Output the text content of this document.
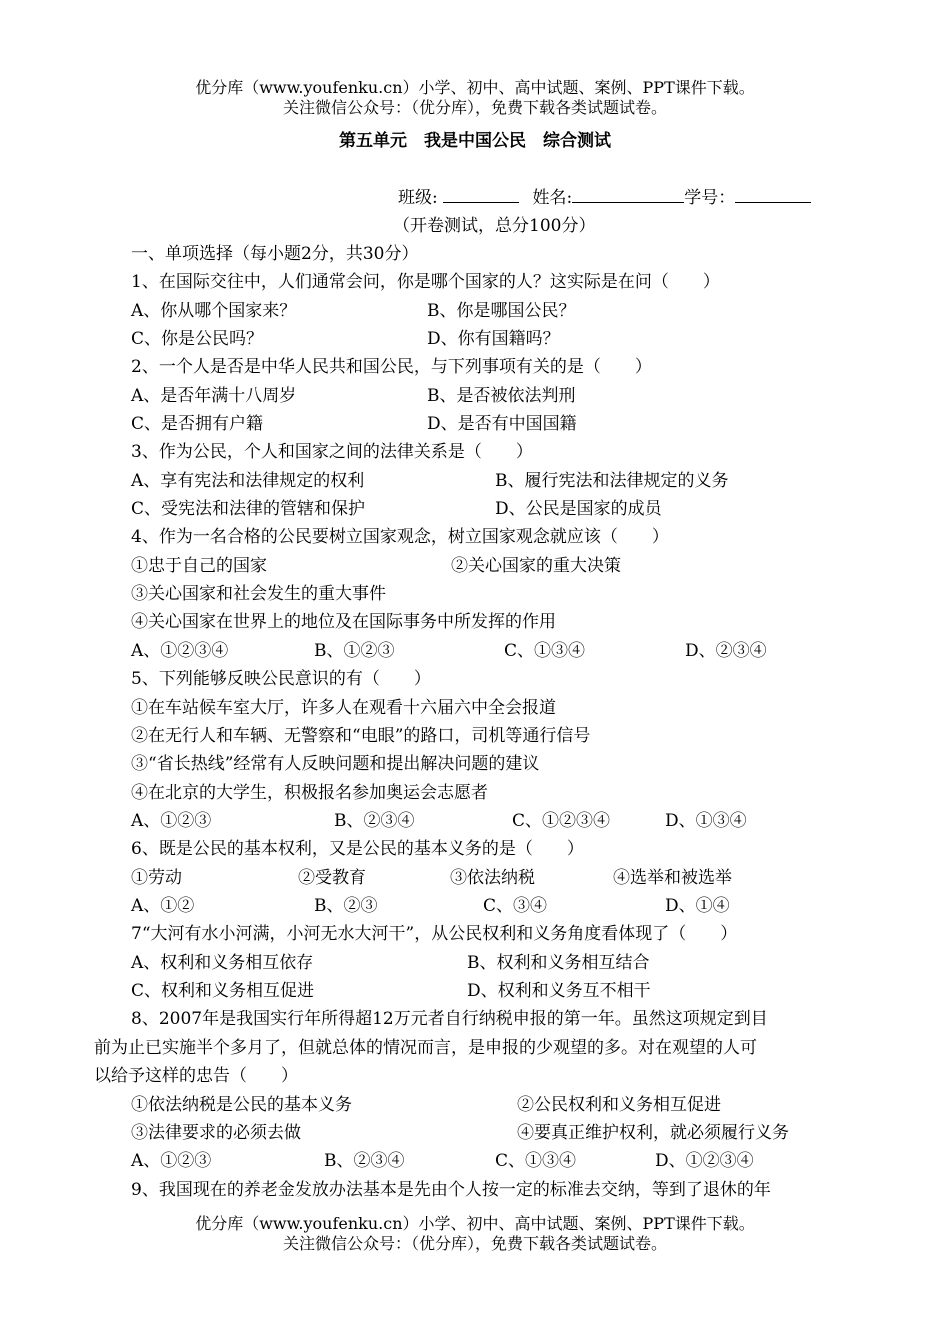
优分库（www.youfenku.cn）小学、初中、高中试题、案例、PPT课件下载。
关注微信公众号：（优分库），免费下载各类试题试卷。
第五单元　我是中国公民　综合测试
班级:	姓名:	学号：
（开卷测试，总分100分）
一、单项选择（每小题2分，共30分）
1、在国际交往中，人们通常会问，你是哪个国家的人？这实际是在问（　　）
A、你从哪个国家来？	B、你是哪国公民？
C、你是公民吗？	D、你有国籍吗？
2、一个人是否是中华人民共和国公民，与下列事项有关的是（　　）
A、是否年满十八周岁	B、是否被依法判刑
C、是否拥有户籍	D、是否有中国国籍
3、作为公民，个人和国家之间的法律关系是（　　）
A、享有宪法和法律规定的权利	B、履行宪法和法律规定的义务
C、受宪法和法律的管辖和保护	D、公民是国家的成员
4、作为一名合格的公民要树立国家观念，树立国家观念就应该（　　）
①忠于自己的国家	②关心国家的重大决策
③关心国家和社会发生的重大事件
④关心国家在世界上的地位及在国际事务中所发挥的作用
A、①②③④	B、①②③	C、①③④	D、②③④
5、下列能够反映公民意识的有（　　）
①在车站候车室大厅，许多人在观看十六届六中全会报道
②在无行人和车辆、无警察和“电眼”的路口，司机等通行信号
③“省长热线”经常有人反映问题和提出解决问题的建议
④在北京的大学生，积极报名参加奥运会志愿者
A、①②③	B、②③④	C、①②③④	D、①③④
6、既是公民的基本权利，又是公民的基本义务的是（　　）
①劳动	②受教育	③依法纳税	④选举和被选举
A、①②	B、②③	C、③④	D、①④
7“大河有水小河满，小河无水大河干”，从公民权利和义务角度看体现了（　　）
A、权利和义务相互依存	B、权利和义务相互结合
C、权利和义务相互促进	D、权利和义务互不相干
8、2007年是我国实行年所得超12万元者自行纳税申报的第一年。虽然这项规定到目
前为止已实施半个多月了，但就总体的情况而言，是申报的少观望的多。对在观望的人可
以给予这样的忠告（　　）
①依法纳税是公民的基本义务	②公民权利和义务相互促进
③法律要求的必须去做	④要真正维护权利，就必须履行义务
A、①②③	B、②③④	C、①③④	D、①②③④
9、我国现在的养老金发放办法基本是先由个人按一定的标准去交纳，等到了退休的年
优分库（www.youfenku.cn）小学、初中、高中试题、案例、PPT课件下载。
关注微信公众号：（优分库），免费下载各类试题试卷。
